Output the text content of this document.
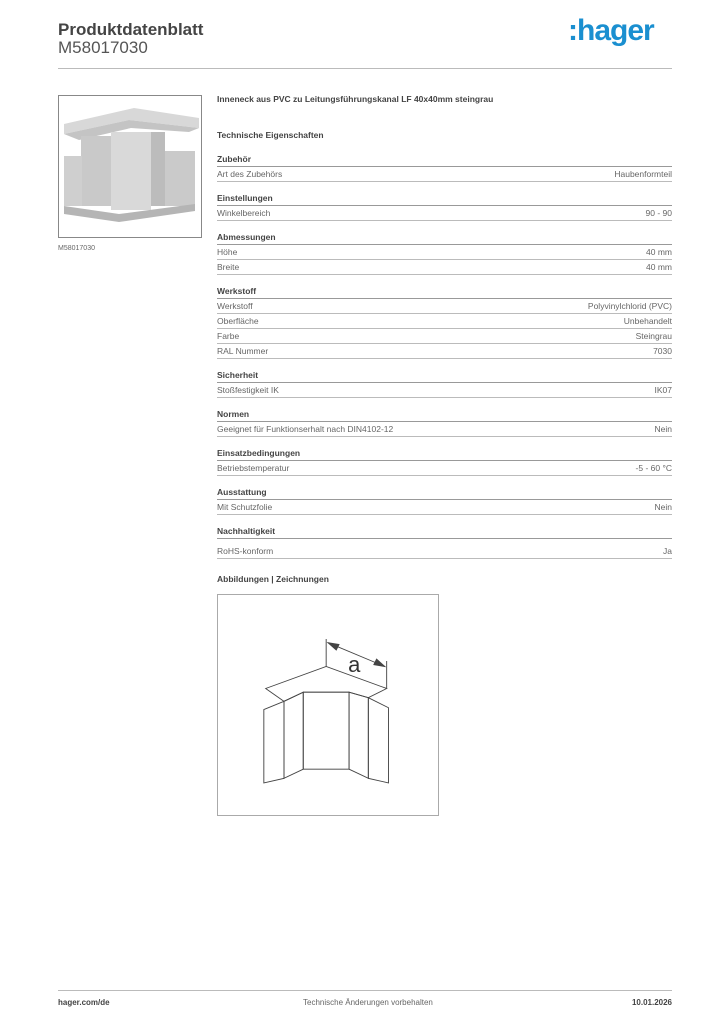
Produktdatenblatt
M58017030
:hager
M58017030
Inneneck aus PVC zu Leitungsführungskanal LF 40x40mm steingrau
Technische Eigenschaften
Zubehör
Art des Zubehörs	Haubenformteil
Einstellungen
Winkelbereich	90 - 90
Abmessungen
Höhe	40 mm
Breite	40 mm
Werkstoff
Werkstoff	Polyvinylchlorid (PVC)
Oberfläche	Unbehandelt
Farbe	Steingrau
RAL Nummer	7030
Sicherheit
Stoßfestigkeit IK	IK07
Normen
Geeignet für Funktionserhalt nach DIN4102-12	Nein
Einsatzbedingungen
Betriebstemperatur	-5 - 60 °C
Ausstattung
Mit Schutzfolie	Nein
Nachhaltigkeit
RoHS-konform	Ja
Abbildungen | Zeichnungen
a
hager.com/de	Technische Änderungen vorbehalten	10.01.2026
